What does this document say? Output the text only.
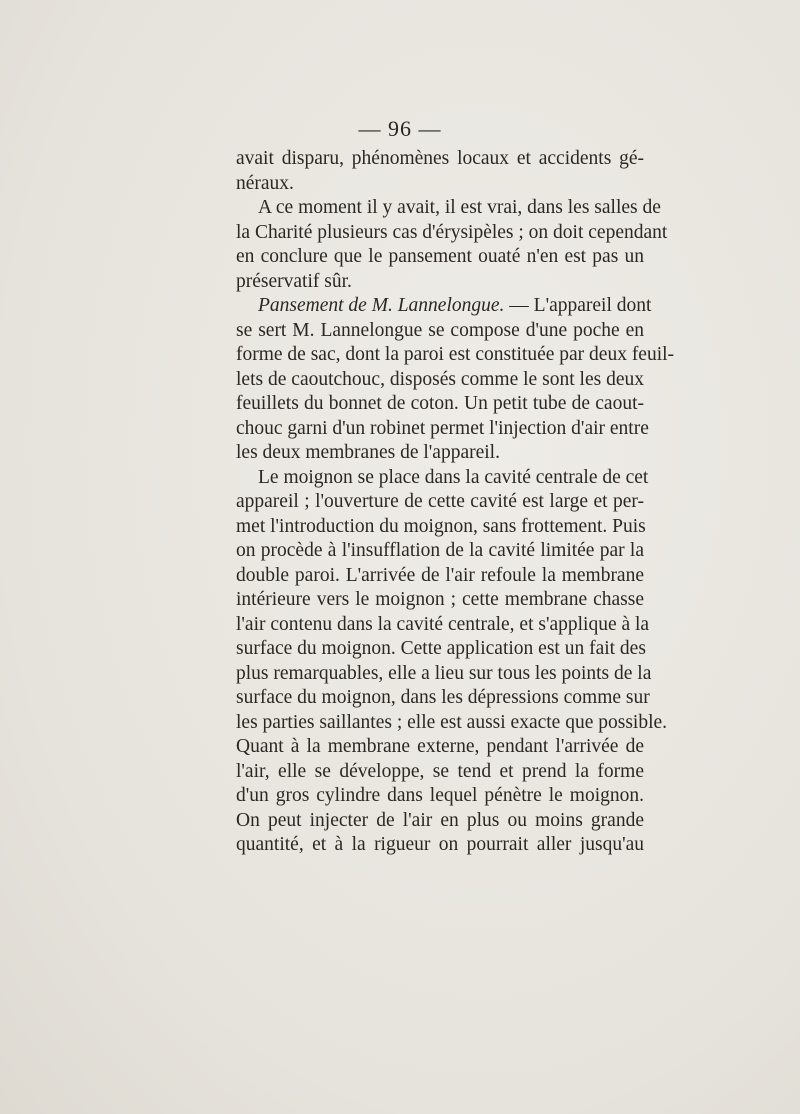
— 96 —
avait disparu, phénomènes locaux et accidents gé-
néraux.
A ce moment il y avait, il est vrai, dans les salles de
la Charité plusieurs cas d'érysipèles ; on doit cependant
en conclure que le pansement ouaté n'en est pas un
préservatif sûr.
Pansement de M. Lannelongue. — L'appareil dont
se sert M. Lannelongue se compose d'une poche en
forme de sac, dont la paroi est constituée par deux feuil-
lets de caoutchouc, disposés comme le sont les deux
feuillets du bonnet de coton. Un petit tube de caout-
chouc garni d'un robinet permet l'injection d'air entre
les deux membranes de l'appareil.
Le moignon se place dans la cavité centrale de cet
appareil ; l'ouverture de cette cavité est large et per-
met l'introduction du moignon, sans frottement. Puis
on procède à l'insufflation de la cavité limitée par la
double paroi. L'arrivée de l'air refoule la membrane
intérieure vers le moignon ; cette membrane chasse
l'air contenu dans la cavité centrale, et s'applique à la
surface du moignon. Cette application est un fait des
plus remarquables, elle a lieu sur tous les points de la
surface du moignon, dans les dépressions comme sur
les parties saillantes ; elle est aussi exacte que possible.
Quant à la membrane externe, pendant l'arrivée de
l'air, elle se développe, se tend et prend la forme
d'un gros cylindre dans lequel pénètre le moignon.
On peut injecter de l'air en plus ou moins grande
quantité, et à la rigueur on pourrait aller jusqu'au
